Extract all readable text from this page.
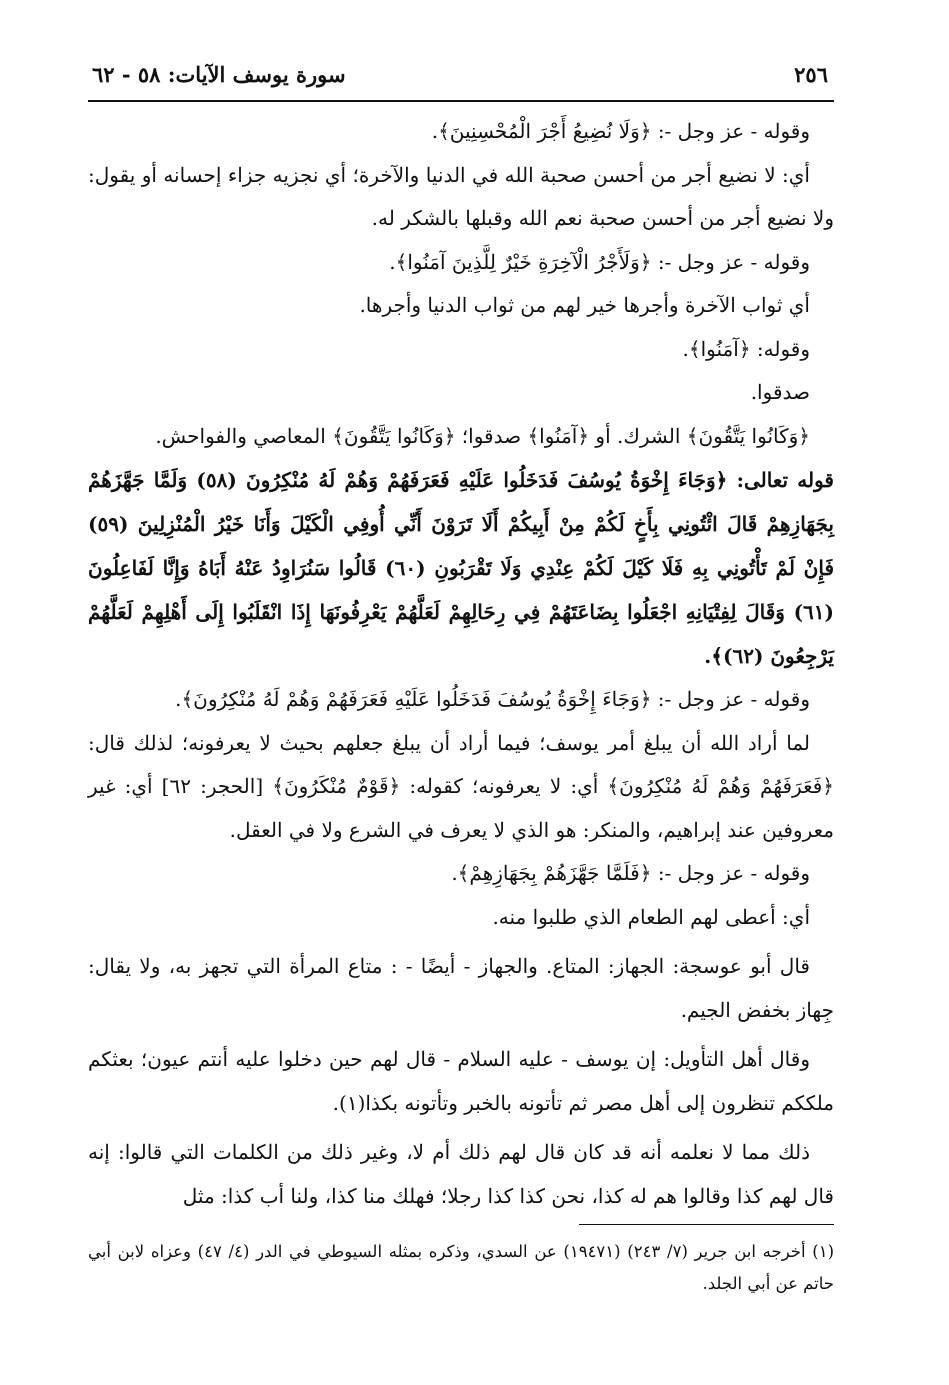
٢٥٦
سورة يوسف الآيات: ٥٨ - ٦٢

وقوله - عز وجل -: ﴿وَلَا نُضِيعُ أَجْرَ الْمُحْسِنِينَ﴾.

أي: لا نضيع أجر من أحسن صحبة الله في الدنيا والآخرة؛ أي نجزيه جزاء إحسانه أو يقول: ولا نضيع أجر من أحسن صحبة نعم الله وقبلها بالشكر له.

وقوله - عز وجل -: ﴿وَلَأَجْرُ الْآخِرَةِ خَيْرٌ لِلَّذِينَ آمَنُوا﴾.

أي ثواب الآخرة وأجرها خير لهم من ثواب الدنيا وأجرها.

وقوله: ﴿آمَنُوا﴾.

صدقوا.

﴿وَكَانُوا يَتَّقُونَ﴾ الشرك. أو ﴿آمَنُوا﴾ صدقوا؛ ﴿وَكَانُوا يَتَّقُونَ﴾ المعاصي والفواحش.

قوله تعالى: ﴿وَجَاءَ إِخْوَةُ يُوسُفَ فَدَخَلُوا عَلَيْهِ فَعَرَفَهُمْ وَهُمْ لَهُ مُنْكِرُونَ (٥٨) وَلَمَّا جَهَّزَهُمْ بِجَهَازِهِمْ قَالَ ائْتُونِي بِأَخٍ لَكُمْ مِنْ أَبِيكُمْ أَلَا تَرَوْنَ أَنِّي أُوفِي الْكَيْلَ وَأَنَا خَيْرُ الْمُنْزِلِينَ (٥٩) فَإِنْ لَمْ تَأْتُونِي بِهِ فَلَا كَيْلَ لَكُمْ عِنْدِي وَلَا تَقْرَبُونِ (٦٠) قَالُوا سَنُرَاوِدُ عَنْهُ أَبَاهُ وَإِنَّا لَفَاعِلُونَ (٦١) وَقَالَ لِفِتْيَانِهِ اجْعَلُوا بِضَاعَتَهُمْ فِي رِحَالِهِمْ لَعَلَّهُمْ يَعْرِفُونَهَا إِذَا انْقَلَبُوا إِلَى أَهْلِهِمْ لَعَلَّهُمْ يَرْجِعُونَ (٦٢)﴾.

وقوله - عز وجل -: ﴿وَجَاءَ إِخْوَةُ يُوسُفَ فَدَخَلُوا عَلَيْهِ فَعَرَفَهُمْ وَهُمْ لَهُ مُنْكِرُونَ﴾.

لما أراد الله أن يبلغ أمر يوسف؛ فيما أراد أن يبلغ جعلهم بحيث لا يعرفونه؛ لذلك قال: ﴿فَعَرَفَهُمْ وَهُمْ لَهُ مُنْكِرُونَ﴾ أي: لا يعرفونه؛ كقوله: ﴿قَوْمٌ مُنْكَرُونَ﴾ [الحجر: ٦٢] أي: غير معروفين عند إبراهيم، والمنكر: هو الذي لا يعرف في الشرع ولا في العقل.

وقوله - عز وجل -: ﴿فَلَمَّا جَهَّزَهُمْ بِجَهَازِهِمْ﴾.

أي: أعطى لهم الطعام الذي طلبوا منه.

قال أبو عوسجة: الجهاز: المتاع. والجهاز - أيضًا - : متاع المرأة التي تجهز به، ولا يقال: جِهاز بخفض الجيم.

وقال أهل التأويل: إن يوسف - عليه السلام - قال لهم حين دخلوا عليه أنتم عيون؛ بعثكم ملككم تنظرون إلى أهل مصر ثم تأتونه بالخبر وتأتونه بكذا(١).

ذلك مما لا نعلمه أنه قد كان قال لهم ذلك أم لا، وغير ذلك من الكلمات التي قالوا: إنه قال لهم كذا وقالوا هم له كذا، نحن كذا كذا رجلا؛ فهلك منا كذا، ولنا أب كذا: مثل

(١) أخرجه ابن جرير (٧/ ٢٤٣) (١٩٤٧١) عن السدي، وذكره بمثله السيوطي في الدر (٤/ ٤٧) وعزاه لابن أبي حاتم عن أبي الجلد.
